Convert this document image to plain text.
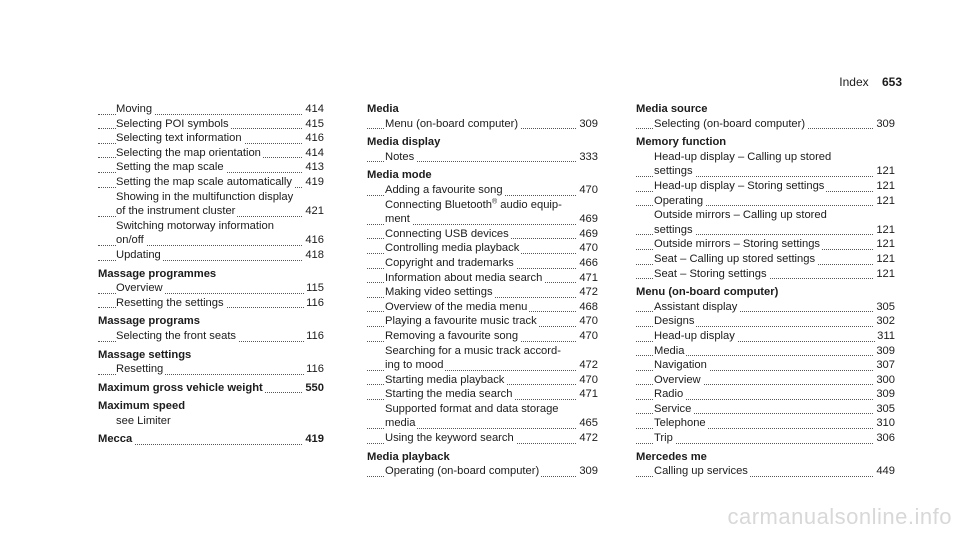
Index 653
Moving	414
Selecting POI symbols	415
Selecting text information	416
Selecting the map orientation	414
Setting the map scale	413
Setting the map scale automatically 419
Showing in the multifunction display
of the instrument cluster	421
Switching motorway information
on/off	416
Updating	418
Massage programmes
Overview	115
Resetting the settings	116
Massage programs
Selecting the front seats	116
Massage settings
Resetting	116
Maximum gross vehicle weight	550
Maximum speed
see Limiter
Mecca	419
Media
Menu (on-board computer)	309
Media display
Notes	333
Media mode
Adding a favourite song	470
Connecting Bluetooth® audio equip-
ment	469
Connecting USB devices	469
Controlling media playback	470
Copyright and trademarks	466
Information about media search	471
Making video settings	472
Overview of the media menu	468
Playing a favourite music track	470
Removing a favourite song	470
Searching for a music track accord-
ing to mood	472
Starting media playback	470
Starting the media search	471
Supported format and data storage
media	465
Using the keyword search	472
Media playback
Operating (on-board computer)	309
Media source
Selecting (on-board computer)	309
Memory function
Head-up display – Calling up stored
settings	121
Head-up display – Storing settings	121
Operating	121
Outside mirrors – Calling up stored
settings	121
Outside mirrors – Storing settings	121
Seat – Calling up stored settings	121
Seat – Storing settings	121
Menu (on-board computer)
Assistant display	305
Designs	302
Head-up display	311
Media	309
Navigation	307
Overview	300
Radio	309
Service	305
Telephone	310
Trip	306
Mercedes me
Calling up services	449
carmanualsonline.info
